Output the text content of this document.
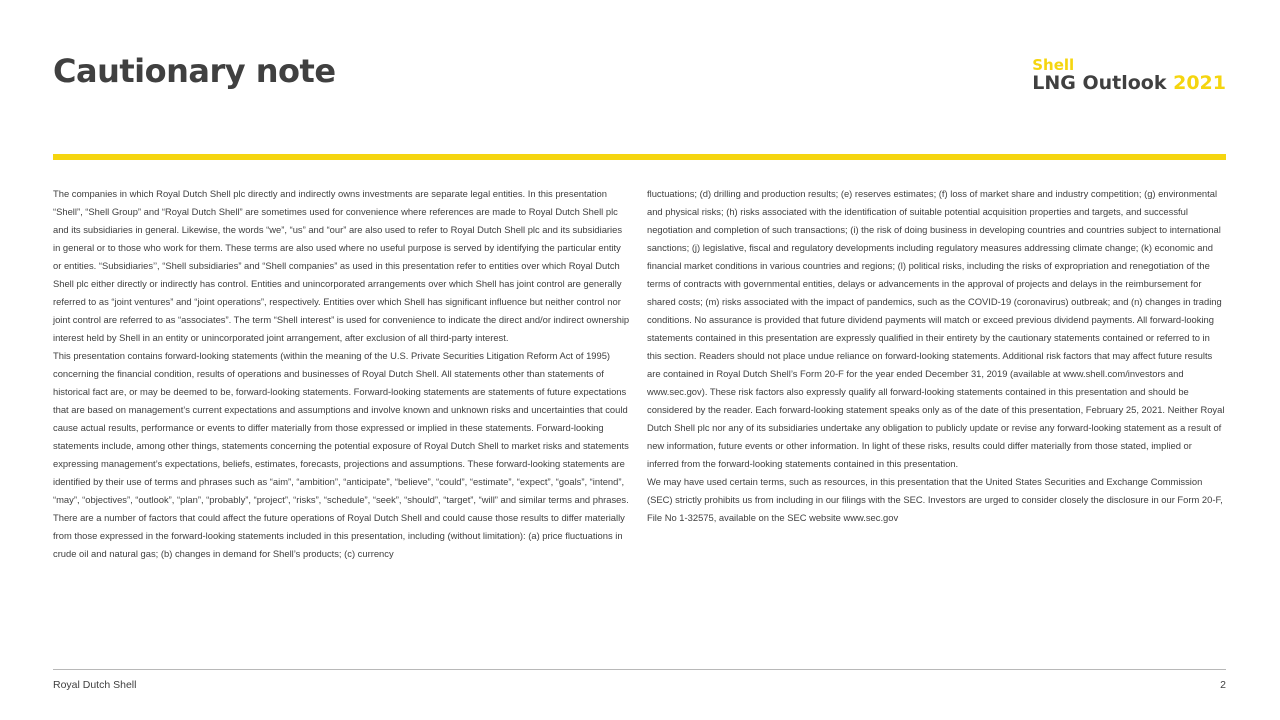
Cautionary note	Shell
LNG Outlook 2021

The companies in which Royal Dutch Shell plc directly and indirectly owns investments are separate legal entities. In this presentation “Shell”, “Shell Group” and “Royal Dutch Shell” are sometimes used for convenience where references are made to Royal Dutch Shell plc and its subsidiaries in general. Likewise, the words “we”, “us” and “our” are also used to refer to Royal Dutch Shell plc and its subsidiaries in general or to those who work for them. These terms are also used where no useful purpose is served by identifying the particular entity or entities. “Subsidiaries’’, “Shell subsidiaries” and “Shell companies” as used in this presentation refer to entities over which Royal Dutch Shell plc either directly or indirectly has control. Entities and unincorporated arrangements over which Shell has joint control are generally referred to as “joint ventures” and “joint operations”, respectively. Entities over which Shell has significant influence but neither control nor joint control are referred to as “associates”. The term “Shell interest” is used for convenience to indicate the direct and/or indirect ownership interest held by Shell in an entity or unincorporated joint arrangement, after exclusion of all third-party interest.

This presentation contains forward-looking statements (within the meaning of the U.S. Private Securities Litigation Reform Act of 1995) concerning the financial condition, results of operations and businesses of Royal Dutch Shell. All statements other than statements of historical fact are, or may be deemed to be, forward-looking statements. Forward-looking statements are statements of future expectations that are based on management’s current expectations and assumptions and involve known and unknown risks and uncertainties that could cause actual results, performance or events to differ materially from those expressed or implied in these statements. Forward-looking statements include, among other things, statements concerning the potential exposure of Royal Dutch Shell to market risks and statements expressing management’s expectations, beliefs, estimates, forecasts, projections and assumptions. These forward-looking statements are identified by their use of terms and phrases such as “aim”, “ambition”, “anticipate”, “believe”, “could”, “estimate”, “expect”, “goals”, “intend”, “may”, “objectives”, “outlook”, “plan”, “probably”, “project”, “risks”, “schedule”, “seek”, “should”, “target”, “will” and similar terms and phrases. There are a number of factors that could affect the future operations of Royal Dutch Shell and could cause those results to differ materially from those expressed in the forward-looking statements included in this presentation, including (without limitation): (a) price fluctuations in crude oil and natural gas; (b) changes in demand for Shell’s products; (c) currency

fluctuations; (d) drilling and production results; (e) reserves estimates; (f) loss of market share and industry competition; (g) environmental and physical risks; (h) risks associated with the identification of suitable potential acquisition properties and targets, and successful negotiation and completion of such transactions; (i) the risk of doing business in developing countries and countries subject to international sanctions; (j) legislative, fiscal and regulatory developments including regulatory measures addressing climate change; (k) economic and financial market conditions in various countries and regions; (l) political risks, including the risks of expropriation and renegotiation of the terms of contracts with governmental entities, delays or advancements in the approval of projects and delays in the reimbursement for shared costs; (m) risks associated with the impact of pandemics, such as the COVID-19 (coronavirus) outbreak; and (n) changes in trading conditions. No assurance is provided that future dividend payments will match or exceed previous dividend payments. All forward-looking statements contained in this presentation are expressly qualified in their entirety by the cautionary statements contained or referred to in this section. Readers should not place undue reliance on forward-looking statements. Additional risk factors that may affect future results are contained in Royal Dutch Shell’s Form 20-F for the year ended December 31, 2019 (available at www.shell.com/investors and www.sec.gov). These risk factors also expressly qualify all forward-looking statements contained in this presentation and should be considered by the reader. Each forward-looking statement speaks only as of the date of this presentation, February 25, 2021. Neither Royal Dutch Shell plc nor any of its subsidiaries undertake any obligation to publicly update or revise any forward-looking statement as a result of new information, future events or other information. In light of these risks, results could differ materially from those stated, implied or inferred from the forward-looking statements contained in this presentation.

We may have used certain terms, such as resources, in this presentation that the United States Securities and Exchange Commission (SEC) strictly prohibits us from including in our filings with the SEC. Investors are urged to consider closely the disclosure in our Form 20-F, File No 1-32575, available on the SEC website www.sec.gov

Royal Dutch Shell	2
